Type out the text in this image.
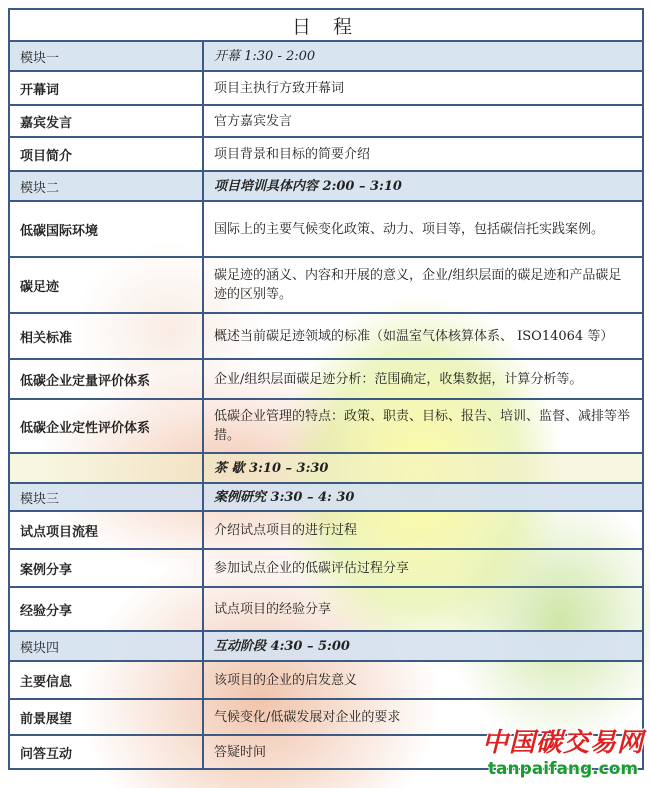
日 程	
模块一	开幕 1:30 - 2:00
开幕词	项目主执行方致开幕词
嘉宾发言	官方嘉宾发言
项目简介	项目背景和目标的简要介绍
模块二	项目培训具体内容 2:00 – 3:10
低碳国际环境	国际上的主要气候变化政策、动力、项目等，包括碳信托实践案例。
碳足迹	碳足迹的涵义、内容和开展的意义，企业/组织层面的碳足迹和产品碳足迹的区别等。
相关标准	概述当前碳足迹领域的标准（如温室气体核算体系、 ISO14064 等）
低碳企业定量评价体系	企业/组织层面碳足迹分析：范围确定，收集数据，计算分析等。
低碳企业定性评价体系	低碳企业管理的特点：政策、职责、目标、报告、培训、监督、减排等举措。
	茶 歇 3:10 – 3:30
模块三	案例研究 3:30 – 4: 30
试点项目流程	介绍试点项目的进行过程
案例分享	参加试点企业的低碳评估过程分享
经验分享	试点项目的经验分享
模块四	互动阶段 4:30 – 5:00
主要信息	该项目的企业的启发意义
前景展望	气候变化/低碳发展对企业的要求
问答互动	答疑时间	中国碳交易网
tanpaifang.com
